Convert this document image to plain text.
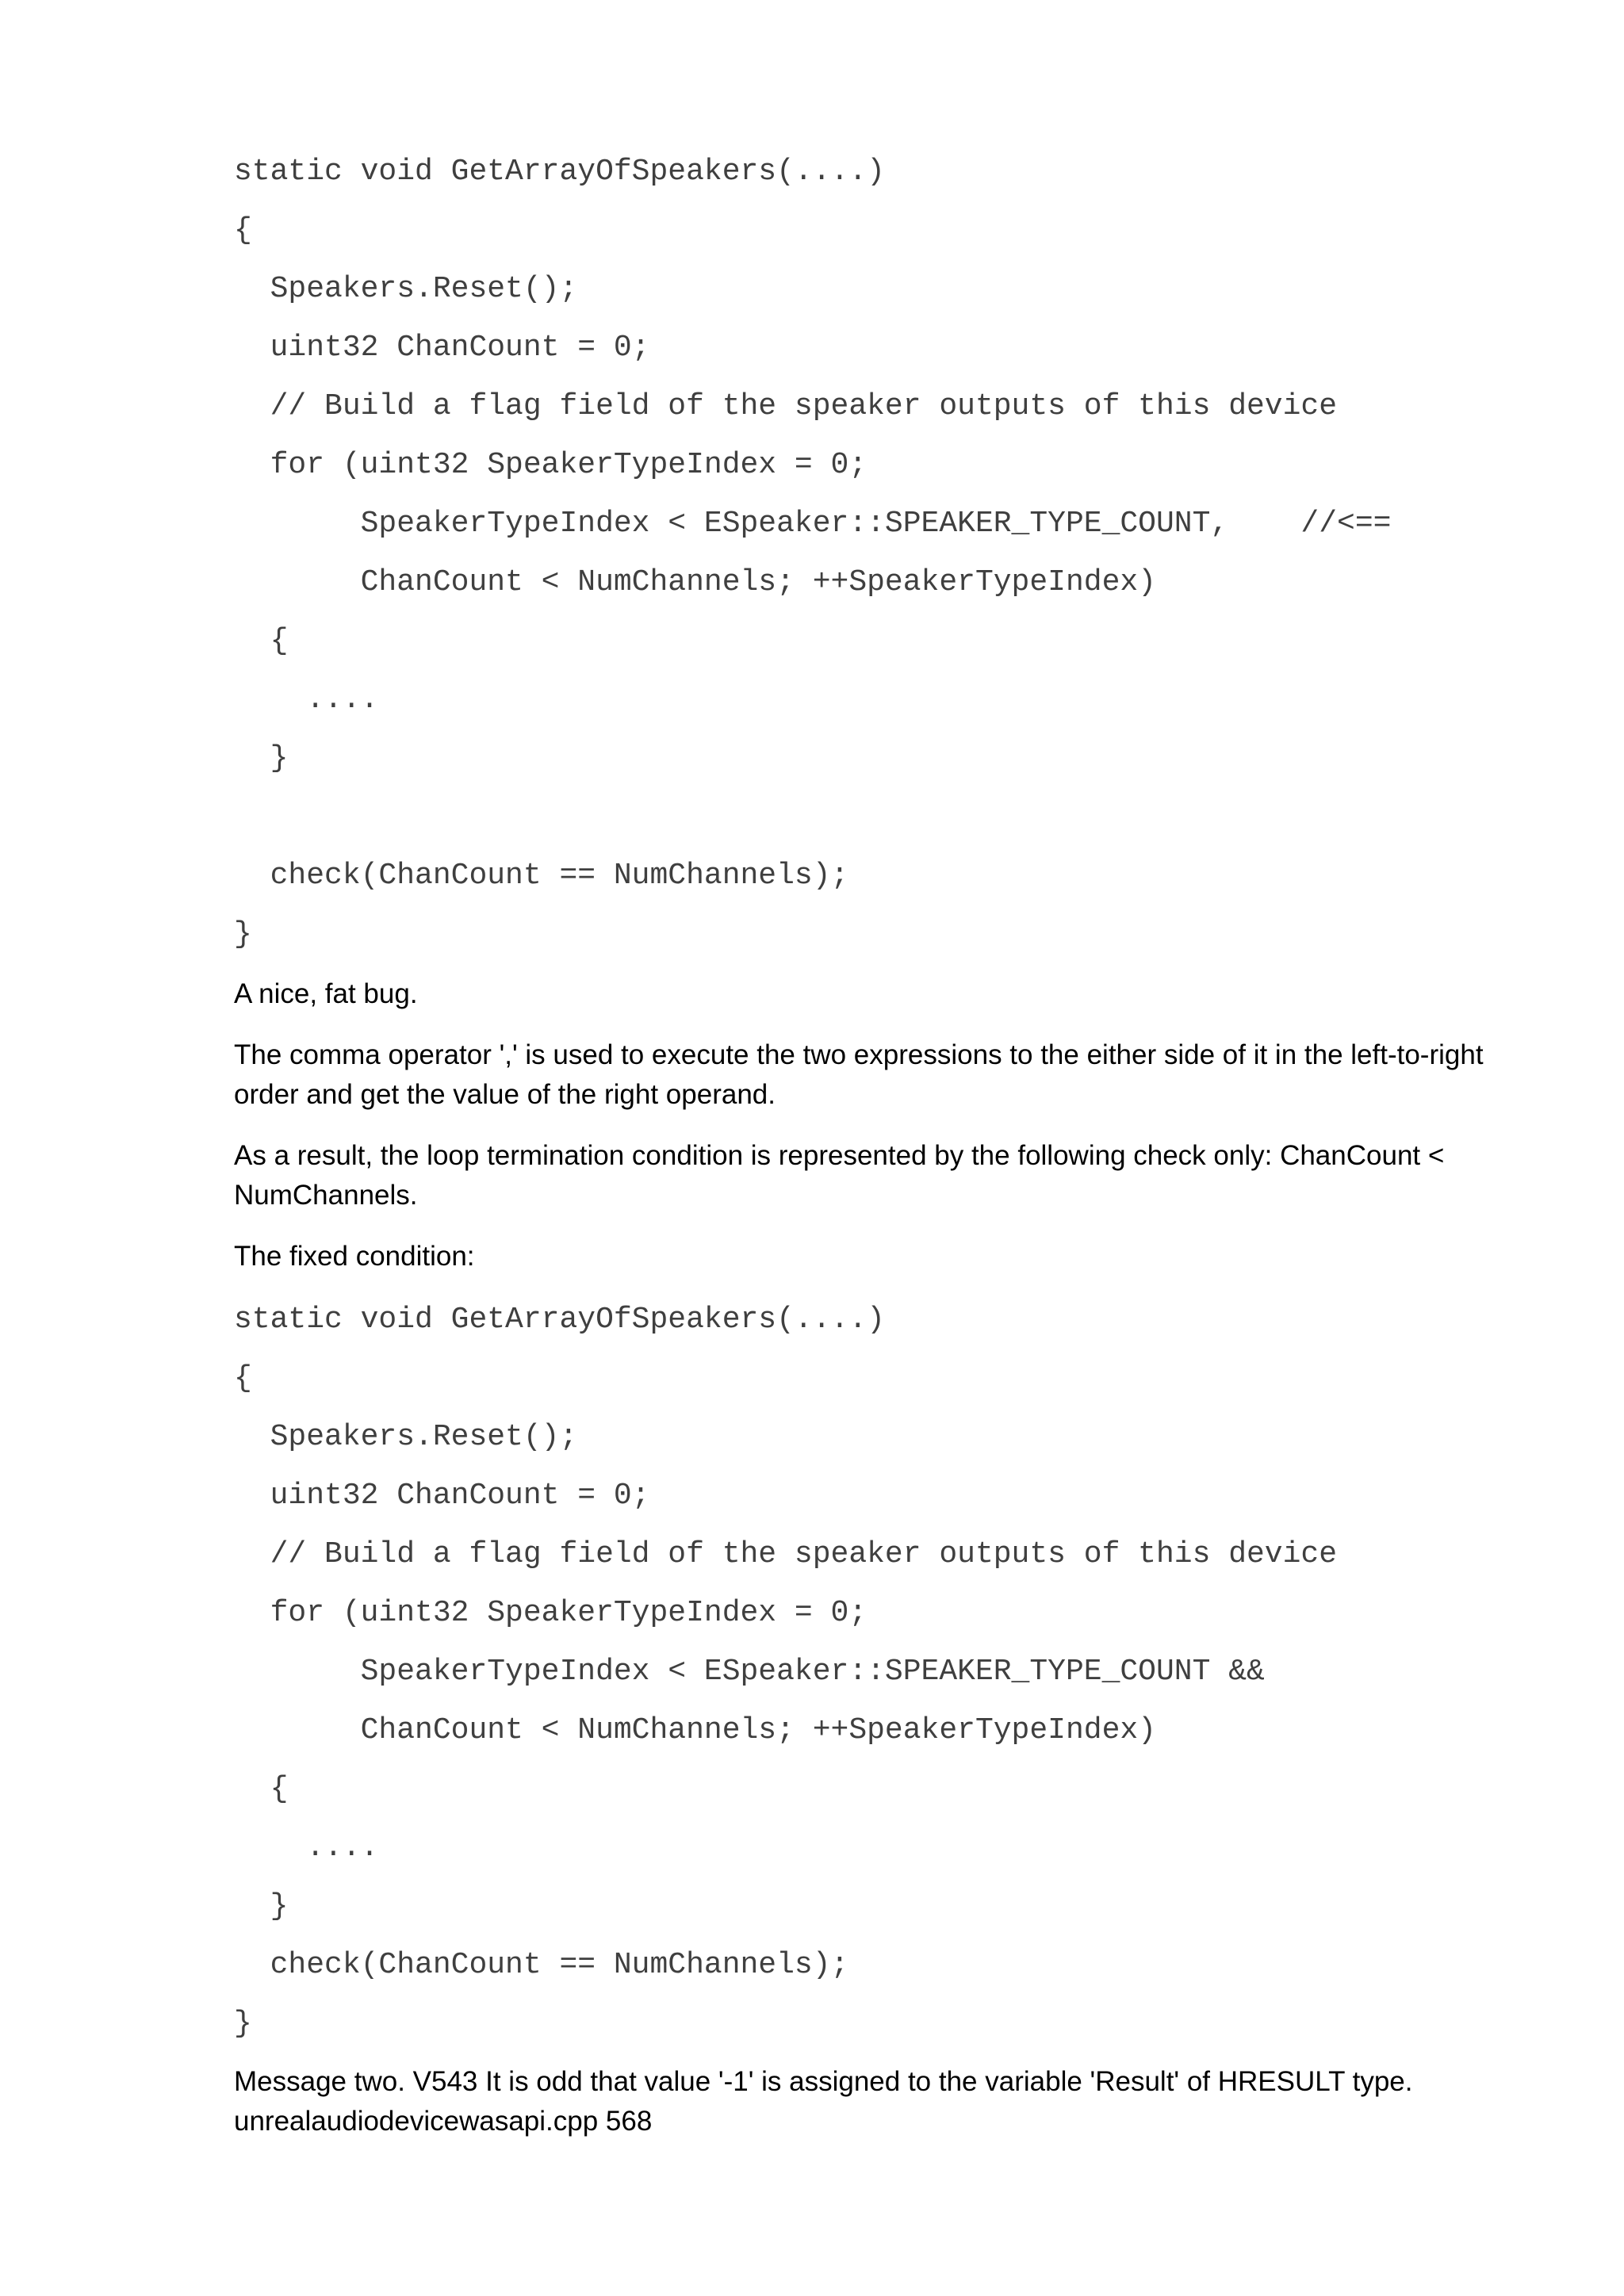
static void GetArrayOfSpeakers(....)
{
Speakers.Reset();
uint32 ChanCount = 0;
// Build a flag field of the speaker outputs of this device
for (uint32 SpeakerTypeIndex = 0;
SpeakerTypeIndex < ESpeaker::SPEAKER_TYPE_COUNT,    //<==
ChanCount < NumChannels; ++SpeakerTypeIndex)
{
....
}
check(ChanCount == NumChannels);
}

A nice, fat bug.

The comma operator ',' is used to execute the two expressions to the either side of it in the left-to-right order and get the value of the right operand.

As a result, the loop termination condition is represented by the following check only: ChanCount < NumChannels.

The fixed condition:

static void GetArrayOfSpeakers(....)
{
Speakers.Reset();
uint32 ChanCount = 0;
// Build a flag field of the speaker outputs of this device
for (uint32 SpeakerTypeIndex = 0;
SpeakerTypeIndex < ESpeaker::SPEAKER_TYPE_COUNT &&
ChanCount < NumChannels; ++SpeakerTypeIndex)
{
....
}
check(ChanCount == NumChannels);
}

Message two. V543 It is odd that value '-1' is assigned to the variable 'Result' of HRESULT type. unrealaudiodevicewasapi.cpp 568
